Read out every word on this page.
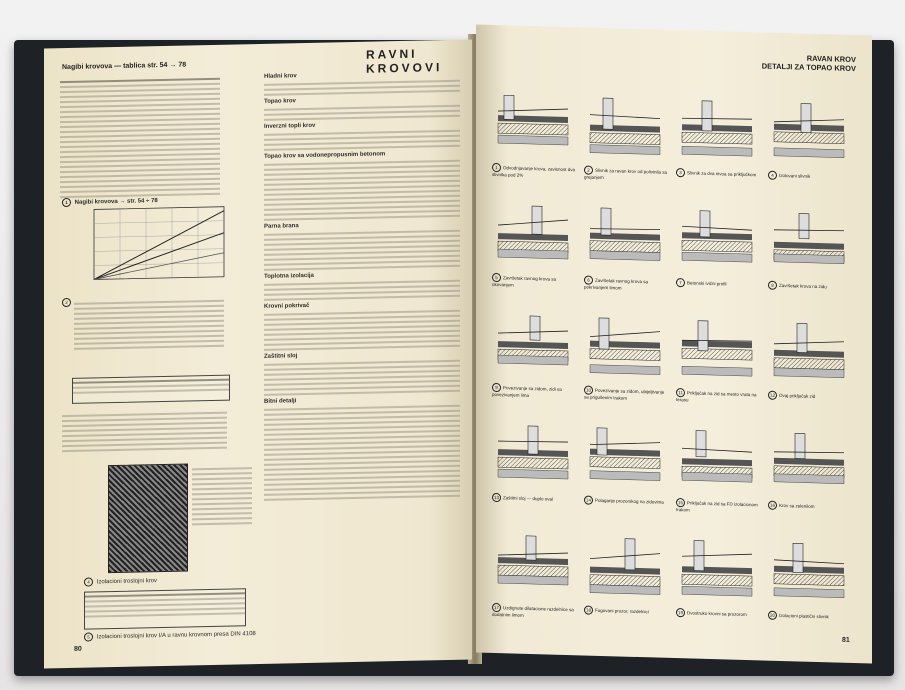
Nagibi krovova — tablica str. 54 → 78
RAVNI KROVOVI
1 Nagibi krovova → str. 54 ÷ 78
2
4 Izolacioni troslojni krov
5 Izolacioni troslojni krov I/A u ravnu krovnom presa DIN 4108
Hladni krov
Topao krov
Inverzni topli krov
Topao krov sa vodonepropusnim betonom
Parna brana
Toplotna izolacija
Krovni pokrivač
Zaštitni sloj
Bitni detalji
80
RAVAN KROV
DETALJI ZA TOPAO KROV
1 Odvodnjavanje krova, zavisnost dva slivnika pod 2%
2 Slivnik za ravan krov od polivinila sa grejanjem
3 Slivnik za dva nivoa sa priključkom	4 Izolovani slivnik
5 Završetak ravnog krova sa okovanjem
6 Završetak ravnog krova sa pokrivanjem limom
7 Betonski ivični profil	8 Završetak krova na zidu
9 Povezivanje sa zidom, zidi sa povezivanjem lima
10 Povezivanje sa zidom, ubijeljivanje sa prigušenim trakom
11 Priključak na zid sa mesto vrata na terasu
12 Ovaj priključak zid
13 Zaštitni sloj — duplo oval	14 Polaganje prozorskog na zidovima	15 Priključak na zid sa FD izolacionom trakom
16 Krov sa zelenilom
17 Uzdignute dilatacione razdelnice sa dodatnim limom
18 Fugovani prozor, razdelnici	19 Dvostruko krovni sa prozorom	20 Izolacioni plastični slivnik
81
